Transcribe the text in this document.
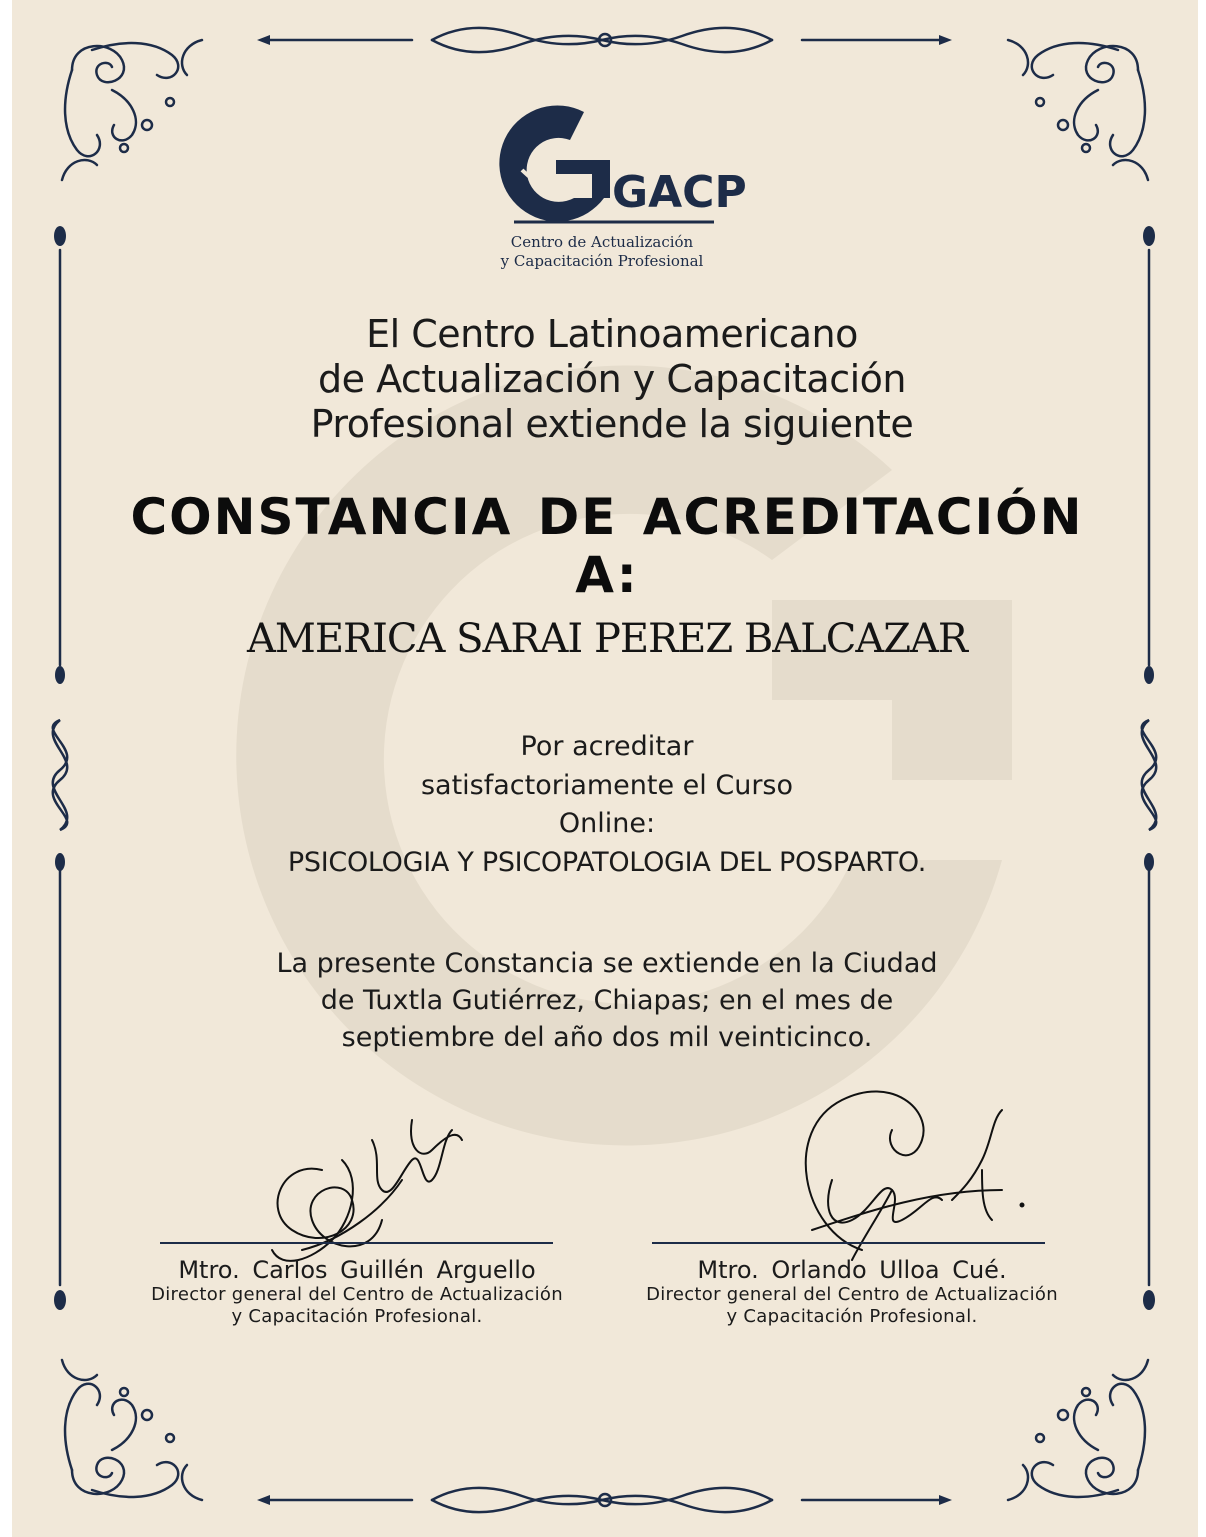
GACP
Centro de Actualización
y Capacitación Profesional
El Centro Latinoamericano
de Actualización y Capacitación
Profesional extiende la siguiente
CONSTANCIA DE ACREDITACIÓN A:
AMERICA SARAI PEREZ BALCAZAR
Por acreditar
satisfactoriamente el Curso
Online:
PSICOLOGIA Y PSICOPATOLOGIA DEL POSPARTO.
La presente Constancia se extiende en la Ciudad
de Tuxtla Gutiérrez, Chiapas; en el mes de
septiembre del año dos mil veinticinco.
Mtro. Carlos Guillén Arguello
Director general del Centro de Actualización
y Capacitación Profesional.
Mtro. Orlando Ulloa Cué.
Director general del Centro de Actualización
y Capacitación Profesional.
